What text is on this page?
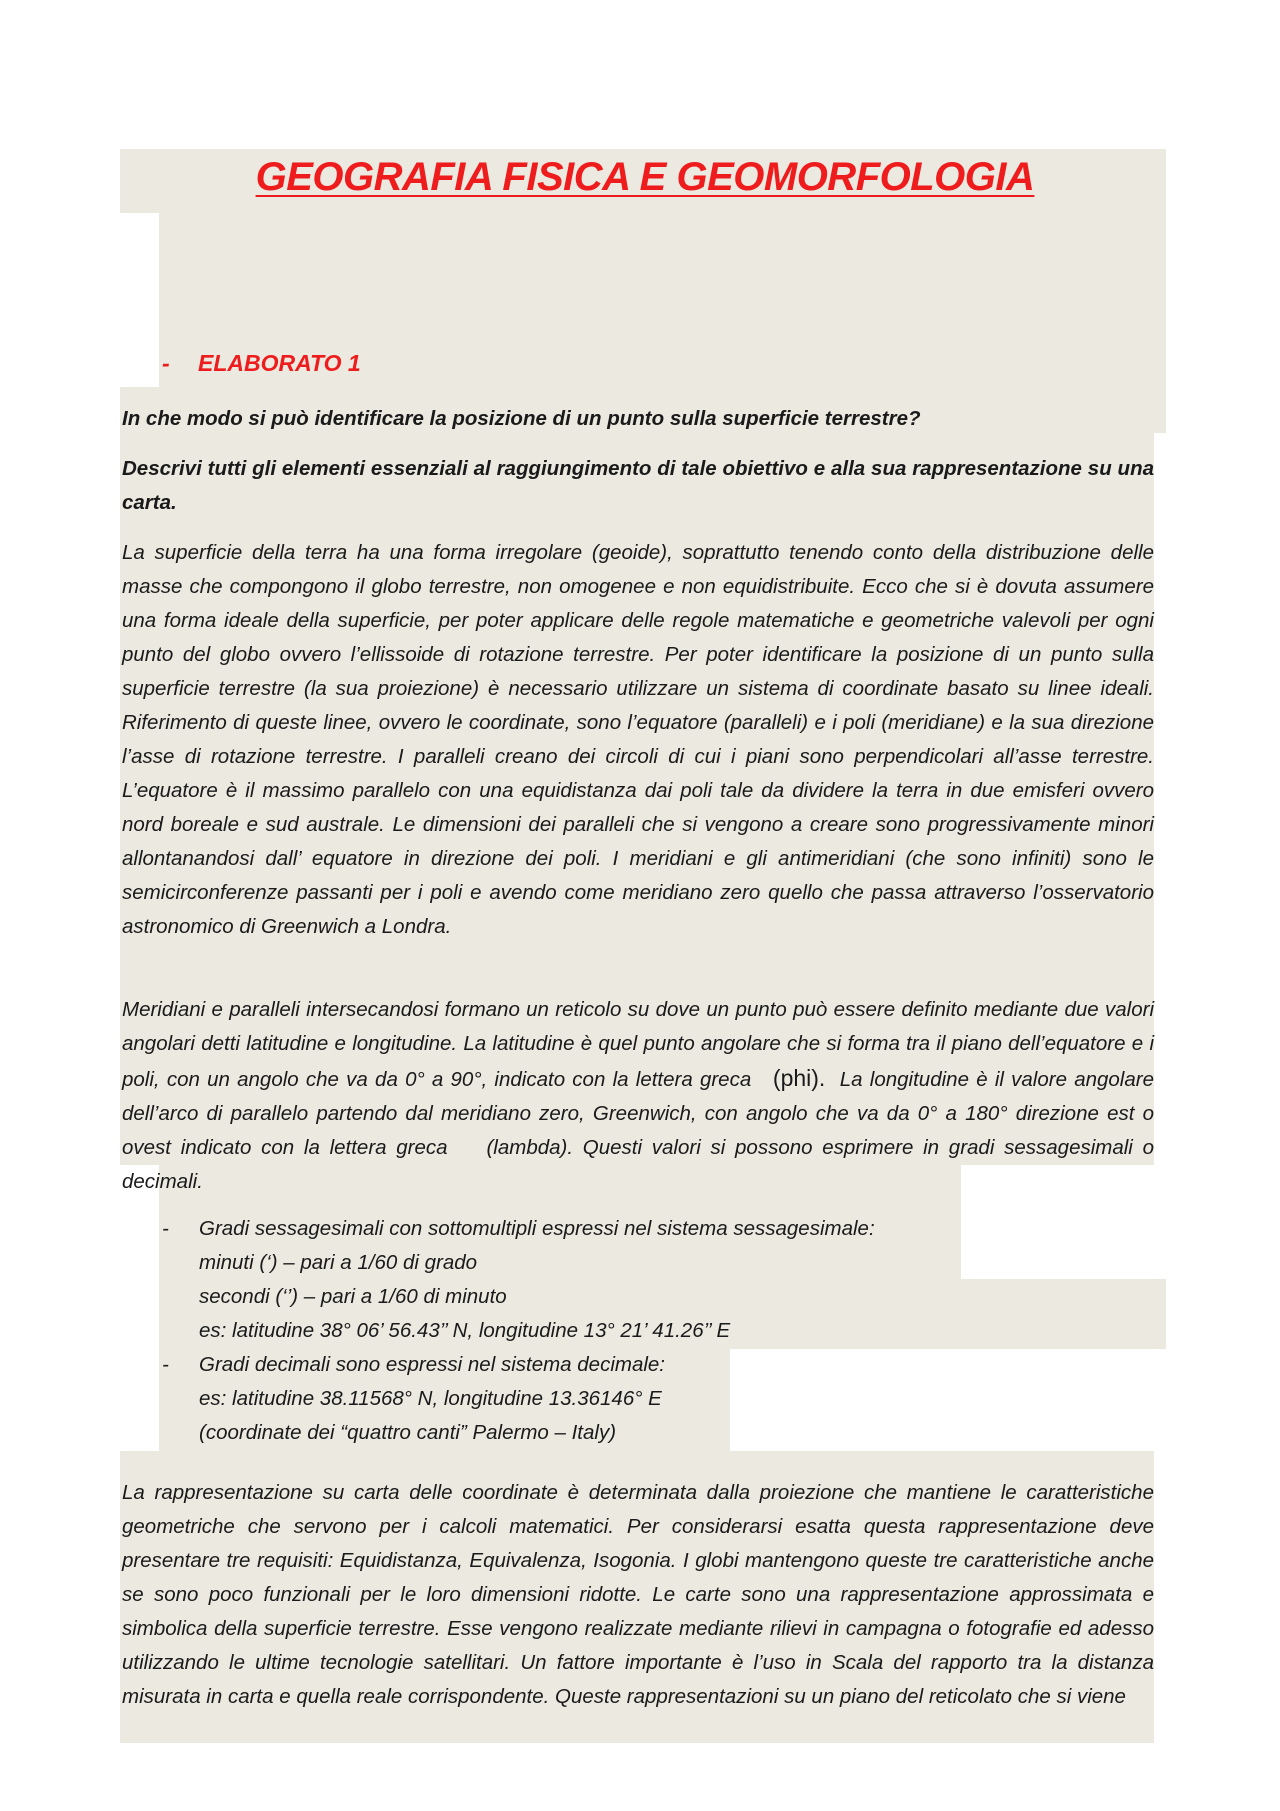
GEOGRAFIA FISICA E GEOMORFOLOGIA
- ELABORATO 1
In che modo si può identificare la posizione di un punto sulla superficie terrestre?
Descrivi tutti gli elementi essenziali al raggiungimento di tale obiettivo e alla sua rappresentazione su una carta.
La superficie della terra ha una forma irregolare (geoide), soprattutto tenendo conto della distribuzione delle masse che compongono il globo terrestre, non omogenee e non equidistribuite. Ecco che si è dovuta assumere una forma ideale della superficie, per poter applicare delle regole matematiche e geometriche valevoli per ogni punto del globo ovvero l’ellissoide di rotazione terrestre. Per poter identificare la posizione di un punto sulla superficie terrestre (la sua proiezione) è necessario utilizzare un sistema di coordinate basato su linee ideali. Riferimento di queste linee, ovvero le coordinate, sono l’equatore (paralleli) e i poli (meridiane) e la sua direzione l’asse di rotazione terrestre. I paralleli creano dei circoli di cui i piani sono perpendicolari all’asse terrestre. L’equatore è il massimo parallelo con una equidistanza dai poli tale da dividere la terra in due emisferi ovvero nord boreale e sud australe. Le dimensioni dei paralleli che si vengono a creare sono progressivamente minori allontanandosi dall’ equatore in direzione dei poli. I meridiani e gli antimeridiani (che sono infiniti) sono le semicirconferenze passanti per i poli e avendo come meridiano zero quello che passa attraverso l’osservatorio astronomico di Greenwich a Londra.
Meridiani e paralleli intersecandosi formano un reticolo su dove un punto può essere definito mediante due valori angolari detti latitudine e longitudine. La latitudine è quel punto angolare che si forma tra il piano dell’equatore e i poli, con un angolo che va da 0° a 90°, indicato con la lettera greca (phi). La longitudine è il valore angolare dell’arco di parallelo partendo dal meridiano zero, Greenwich, con angolo che va da 0° a 180° direzione est o ovest indicato con la lettera greca (lambda). Questi valori si possono esprimere in gradi sessagesimali o decimali.
- Gradi sessagesimali con sottomultipli espressi nel sistema sessagesimale:
minuti (‘) – pari a 1/60 di grado
secondi (‘’) – pari a 1/60 di minuto
es: latitudine 38° 06’ 56.43’’ N, longitudine 13° 21’ 41.26’’ E
- Gradi decimali sono espressi nel sistema decimale:
es: latitudine 38.11568° N, longitudine 13.36146° E
(coordinate dei “quattro canti” Palermo – Italy)
La rappresentazione su carta delle coordinate è determinata dalla proiezione che mantiene le caratteristiche geometriche che servono per i calcoli matematici. Per considerarsi esatta questa rappresentazione deve presentare tre requisiti: Equidistanza, Equivalenza, Isogonia. I globi mantengono queste tre caratteristiche anche se sono poco funzionali per le loro dimensioni ridotte. Le carte sono una rappresentazione approssimata e simbolica della superficie terrestre. Esse vengono realizzate mediante rilievi in campagna o fotografie ed adesso utilizzando le ultime tecnologie satellitari. Un fattore importante è l’uso in Scala del rapporto tra la distanza misurata in carta e quella reale corrispondente. Queste rappresentazioni su un piano del reticolato che si viene
